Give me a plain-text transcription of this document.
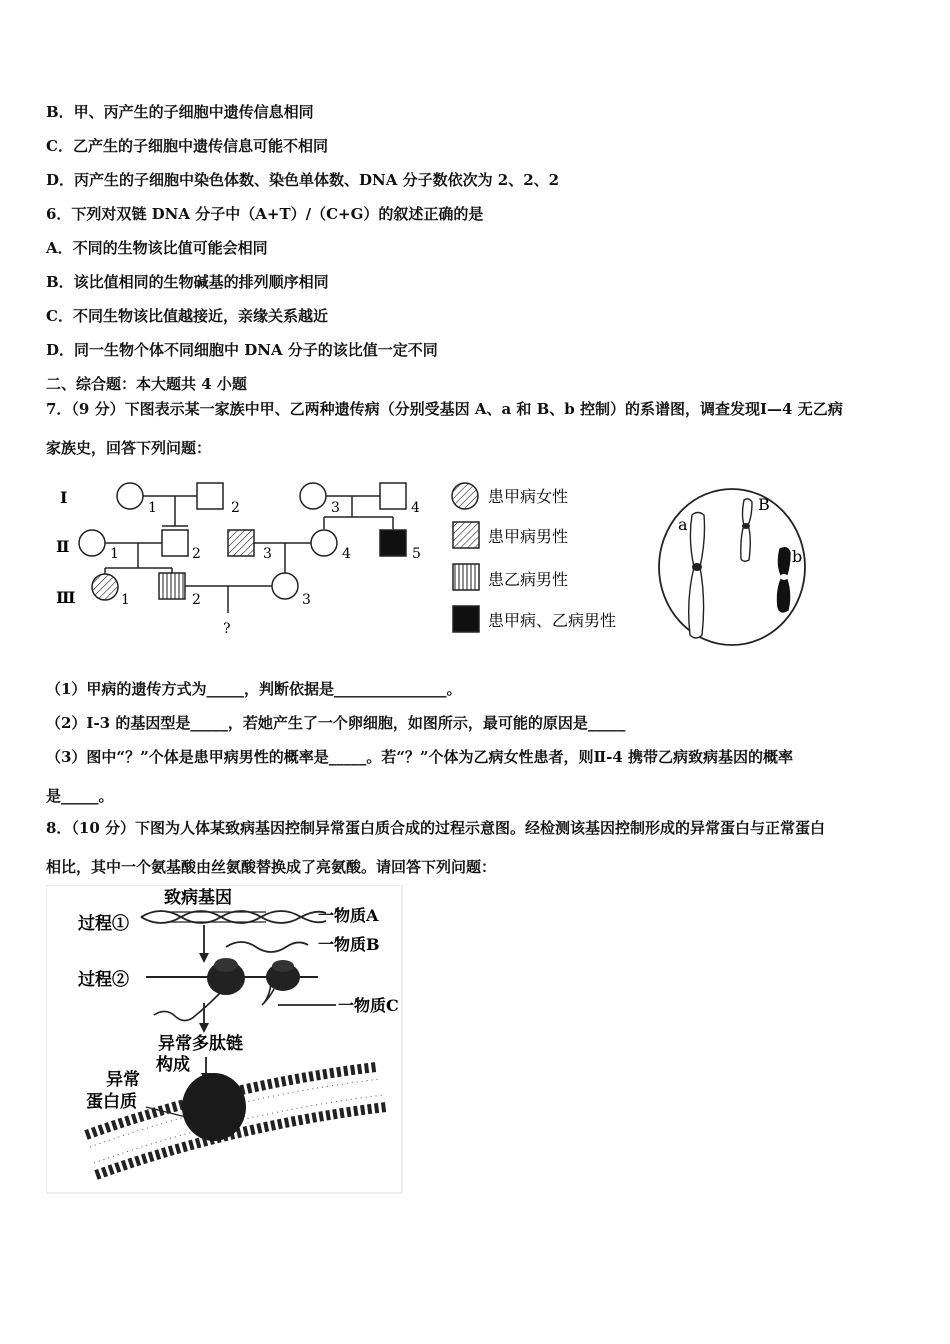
B．甲、丙产生的子细胞中遗传信息相同
C．乙产生的子细胞中遗传信息可能不相同
D．丙产生的子细胞中染色体数、染色单体数、DNA 分子数依次为 2、2、2
6．下列对双链 DNA 分子中（A+T）/（C+G）的叙述正确的是
A．不同的生物该比值可能会相同
B．该比值相同的生物碱基的排列顺序相同
C．不同生物该比值越接近，亲缘关系越近
D．同一生物个体不同细胞中 DNA 分子的该比值一定不同
二、综合题：本大题共 4 小题
7．（9 分）下图表示某一家族中甲、乙两种遗传病（分别受基因 A、a 和 B、b 控制）的系谱图，调查发现Ⅰ—4 无乙病
家族史，回答下列问题：
Ⅰ
Ⅱ
Ⅲ
1	2	3	4
1	2	3	4	5
1	2	3
?
患甲病女性
患甲病男性
患乙病男性
患甲病、乙病男性
a
B
b
（1）甲病的遗传方式为_____，判断依据是_______________。
（2）Ⅰ-3 的基因型是_____，若她产生了一个卵细胞，如图所示，最可能的原因是_____
（3）图中“？”个体是患甲病男性的概率是_____。若“？”个体为乙病女性患者，则Ⅱ-4 携带乙病致病基因的概率
是_____。
8．（10 分）下图为人体某致病基因控制异常蛋白质合成的过程示意图。经检测该基因控制形成的异常蛋白与正常蛋白
相比，其中一个氨基酸由丝氨酸替换成了亮氨酸。请回答下列问题：
致病基因
过程①	一物质A
一物质B
过程②
一物质C
异常多肽链
构成
异常
蛋白质
